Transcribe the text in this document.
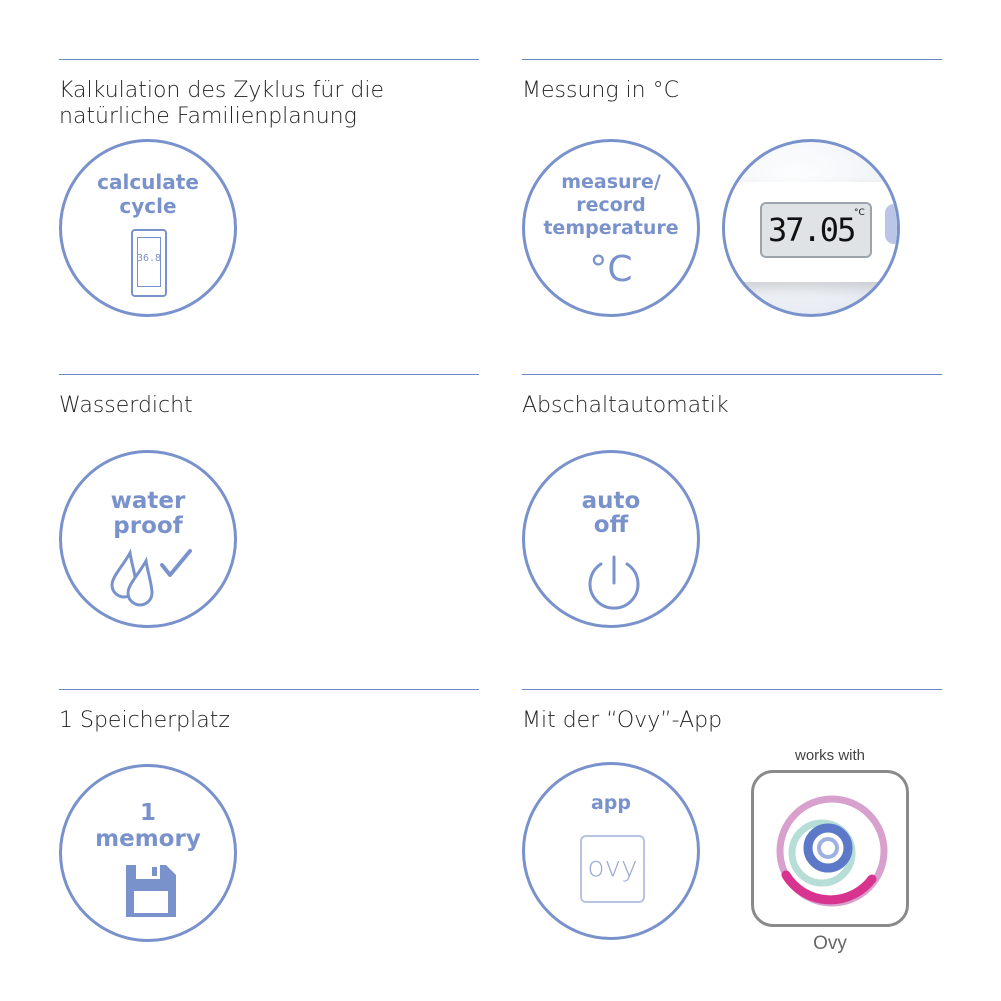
Kalkulation des Zyklus für die natürliche Familienplanung
calculate
cycle
36.8
Messung in °C
measure/
record
temperature
°C
37.05 °C
Wasserdicht
water
proof
Abschaltautomatik
auto
off
1 Speicherplatz
1
memory
Mit der “Ovy”-App
app
ovy
works with
Ovy
